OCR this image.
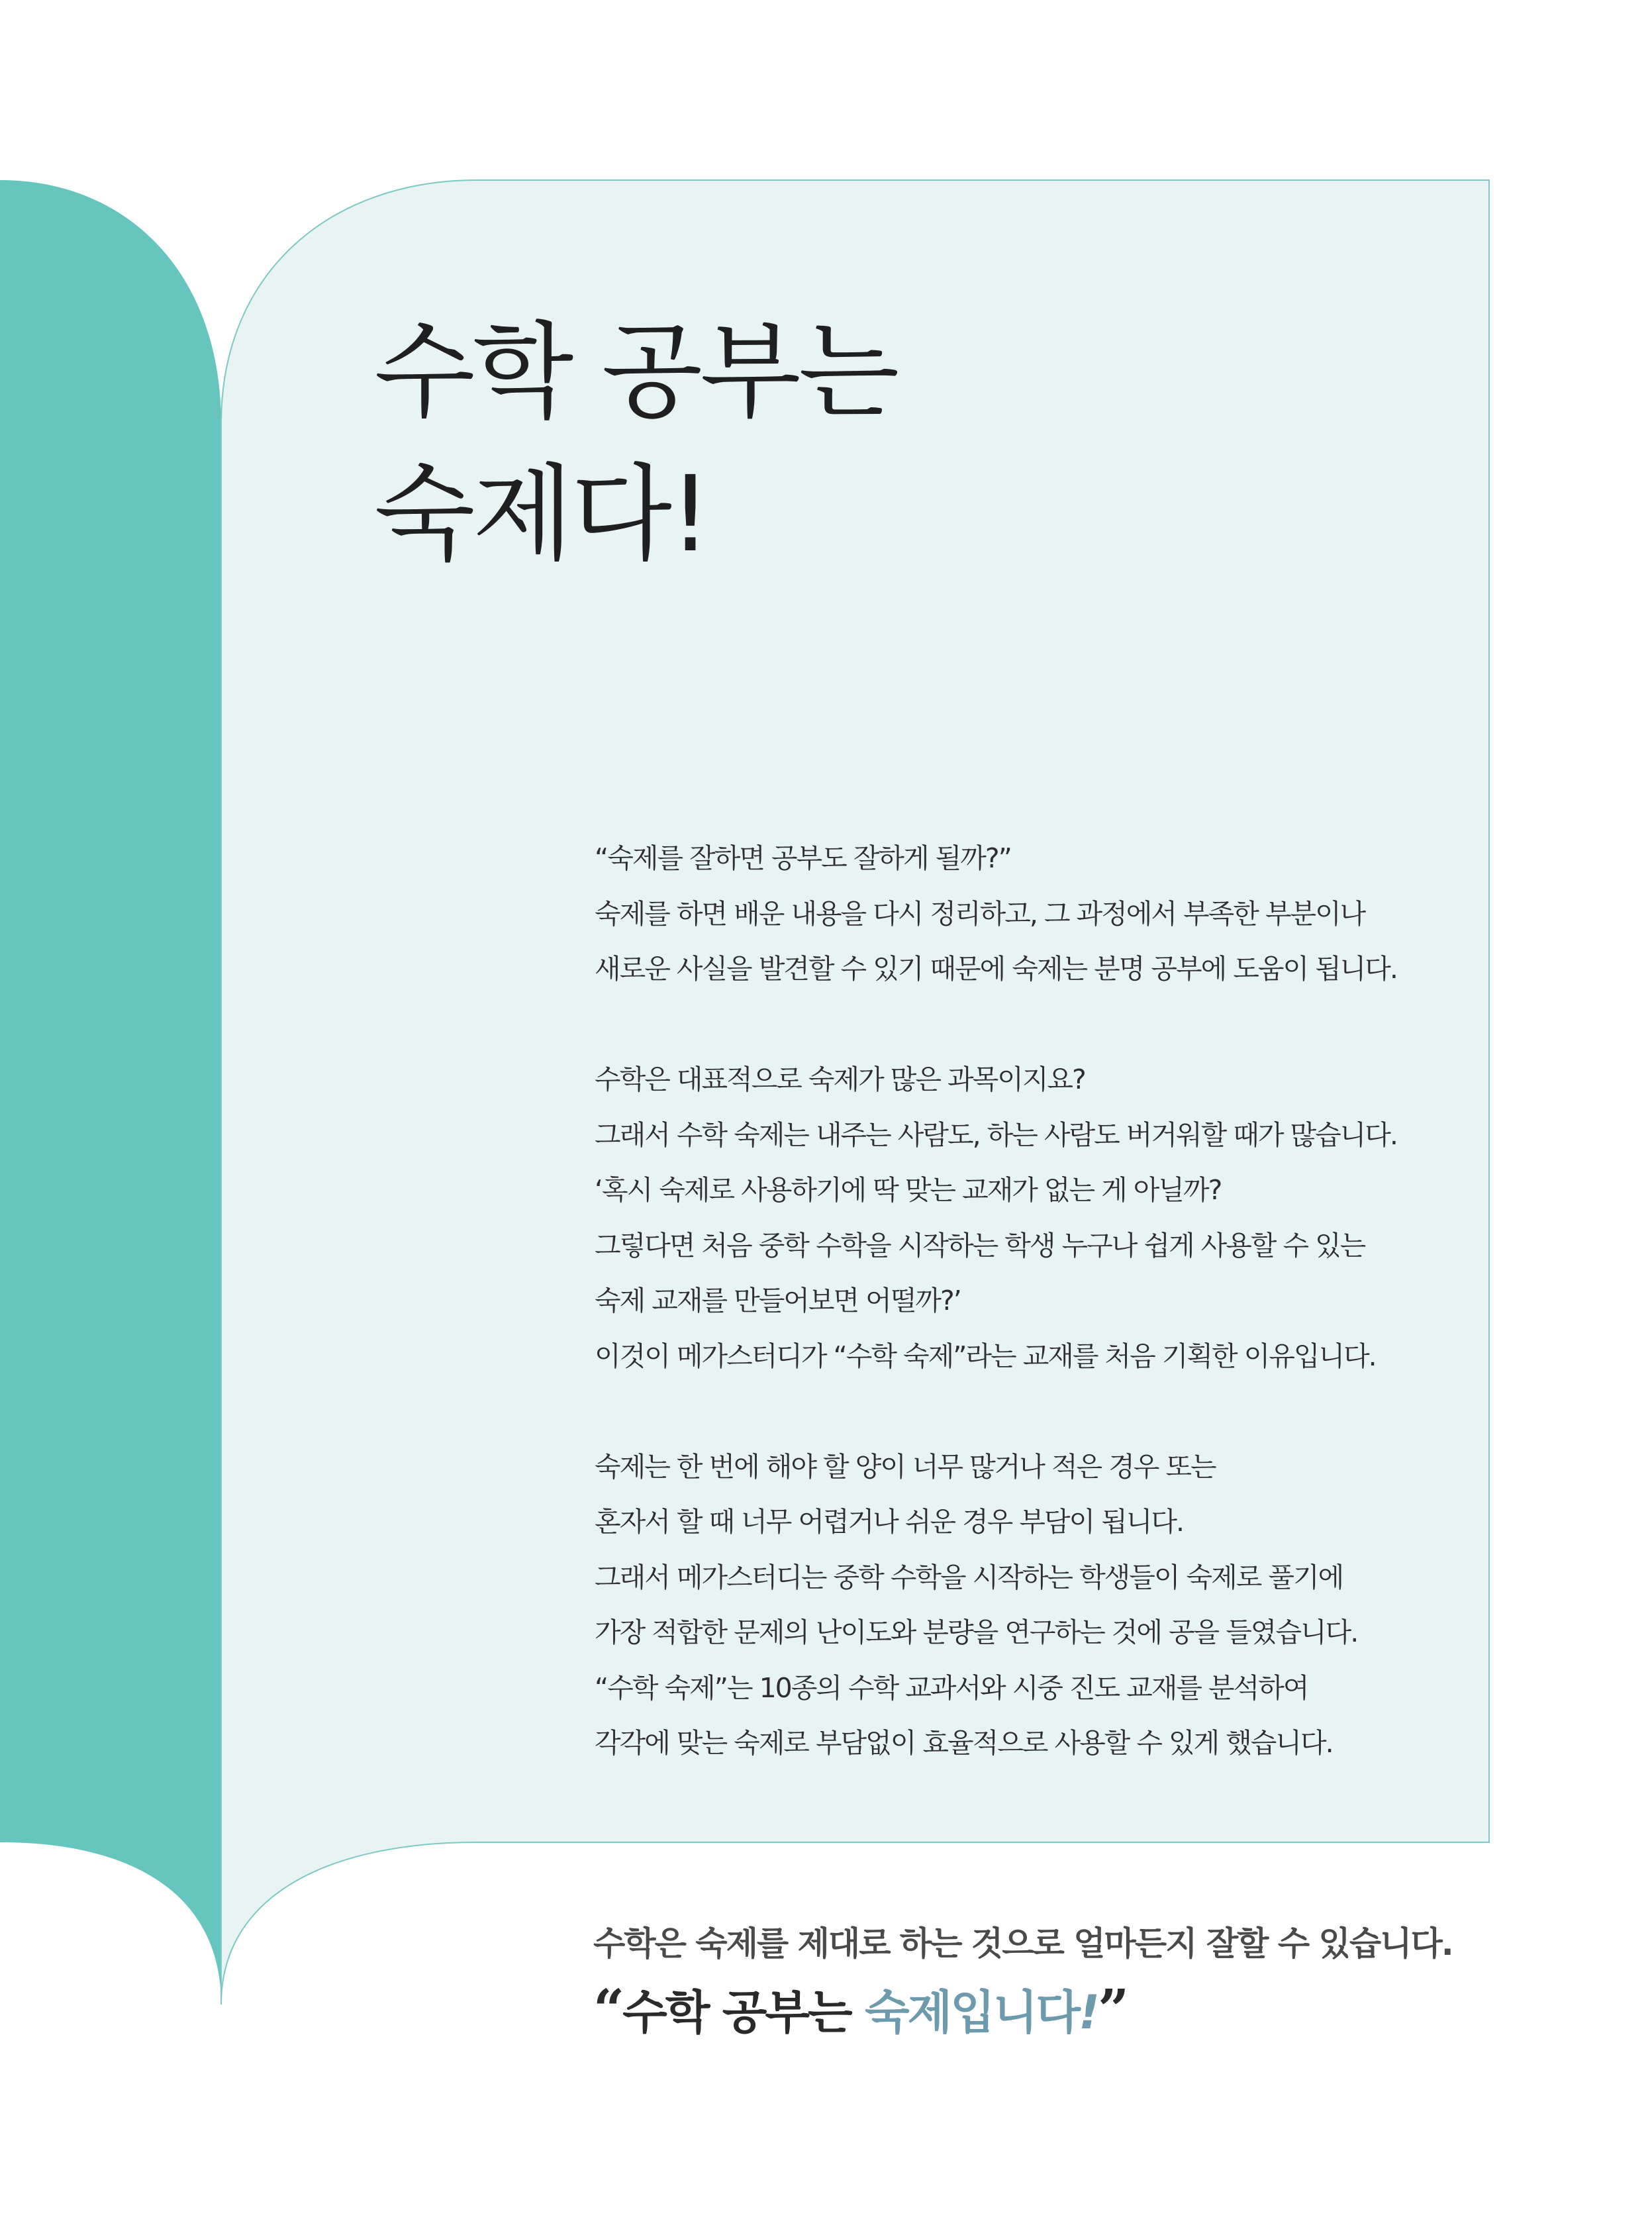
수학 공부는
숙제다!
“숙제를 잘하면 공부도 잘하게 될까?”
숙제를 하면 배운 내용을 다시 정리하고, 그 과정에서 부족한 부분이나
새로운 사실을 발견할 수 있기 때문에 숙제는 분명 공부에 도움이 됩니다.
수학은 대표적으로 숙제가 많은 과목이지요?
그래서 수학 숙제는 내주는 사람도, 하는 사람도 버거워할 때가 많습니다.
‘혹시 숙제로 사용하기에 딱 맞는 교재가 없는 게 아닐까?
그렇다면 처음 중학 수학을 시작하는 학생 누구나 쉽게 사용할 수 있는
숙제 교재를 만들어보면 어떨까?’
이것이 메가스터디가 “수학 숙제”라는 교재를 처음 기획한 이유입니다.
숙제는 한 번에 해야 할 양이 너무 많거나 적은 경우 또는
혼자서 할 때 너무 어렵거나 쉬운 경우 부담이 됩니다.
그래서 메가스터디는 중학 수학을 시작하는 학생들이 숙제로 풀기에
가장 적합한 문제의 난이도와 분량을 연구하는 것에 공을 들였습니다.
“수학 숙제”는 10종의 수학 교과서와 시중 진도 교재를 분석하여
각각에 맞는 숙제로 부담없이 효율적으로 사용할 수 있게 했습니다.
수학은 숙제를 제대로 하는 것으로 얼마든지 잘할 수 있습니다.
“수학 공부는 숙제입니다!”
